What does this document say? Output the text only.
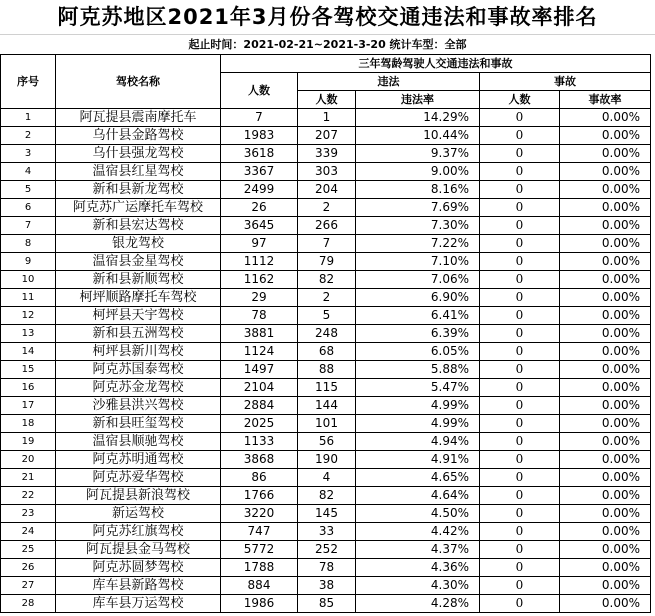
阿克苏地区2021年3月份各驾校交通违法和事故率排名
起止时间：2021-02-21~2021-3-20 统计车型：全部
序号	驾校名称	三年驾龄驾驶人交通违法和事故				
		人数	违法		事故	
			人数	违法率	人数	事故率
1	阿瓦提县震南摩托车	7	1	14.29%	0	0.00%
2	乌什县金路驾校	1983	207	10.44%	0	0.00%
3	乌什县强龙驾校	3618	339	9.37%	0	0.00%
4	温宿县红星驾校	3367	303	9.00%	0	0.00%
5	新和县新龙驾校	2499	204	8.16%	0	0.00%
6	阿克苏广运摩托车驾校	26	2	7.69%	0	0.00%
7	新和县宏达驾校	3645	266	7.30%	0	0.00%
8	银龙驾校	97	7	7.22%	0	0.00%
9	温宿县金星驾校	1112	79	7.10%	0	0.00%
10	新和县新顺驾校	1162	82	7.06%	0	0.00%
11	柯坪顺路摩托车驾校	29	2	6.90%	0	0.00%
12	柯坪县天宇驾校	78	5	6.41%	0	0.00%
13	新和县五洲驾校	3881	248	6.39%	0	0.00%
14	柯坪县新川驾校	1124	68	6.05%	0	0.00%
15	阿克苏国泰驾校	1497	88	5.88%	0	0.00%
16	阿克苏金龙驾校	2104	115	5.47%	0	0.00%
17	沙雅县洪兴驾校	2884	144	4.99%	0	0.00%
18	新和县旺玺驾校	2025	101	4.99%	0	0.00%
19	温宿县顺驰驾校	1133	56	4.94%	0	0.00%
20	阿克苏明通驾校	3868	190	4.91%	0	0.00%
21	阿克苏爱华驾校	86	4	4.65%	0	0.00%
22	阿瓦提县新浪驾校	1766	82	4.64%	0	0.00%
23	新运驾校	3220	145	4.50%	0	0.00%
24	阿克苏红旗驾校	747	33	4.42%	0	0.00%
25	阿瓦提县金马驾校	5772	252	4.37%	0	0.00%
26	阿克苏圆梦驾校	1788	78	4.36%	0	0.00%
27	库车县新路驾校	884	38	4.30%	0	0.00%
28	库车县万运驾校	1986	85	4.28%	0	0.00%
